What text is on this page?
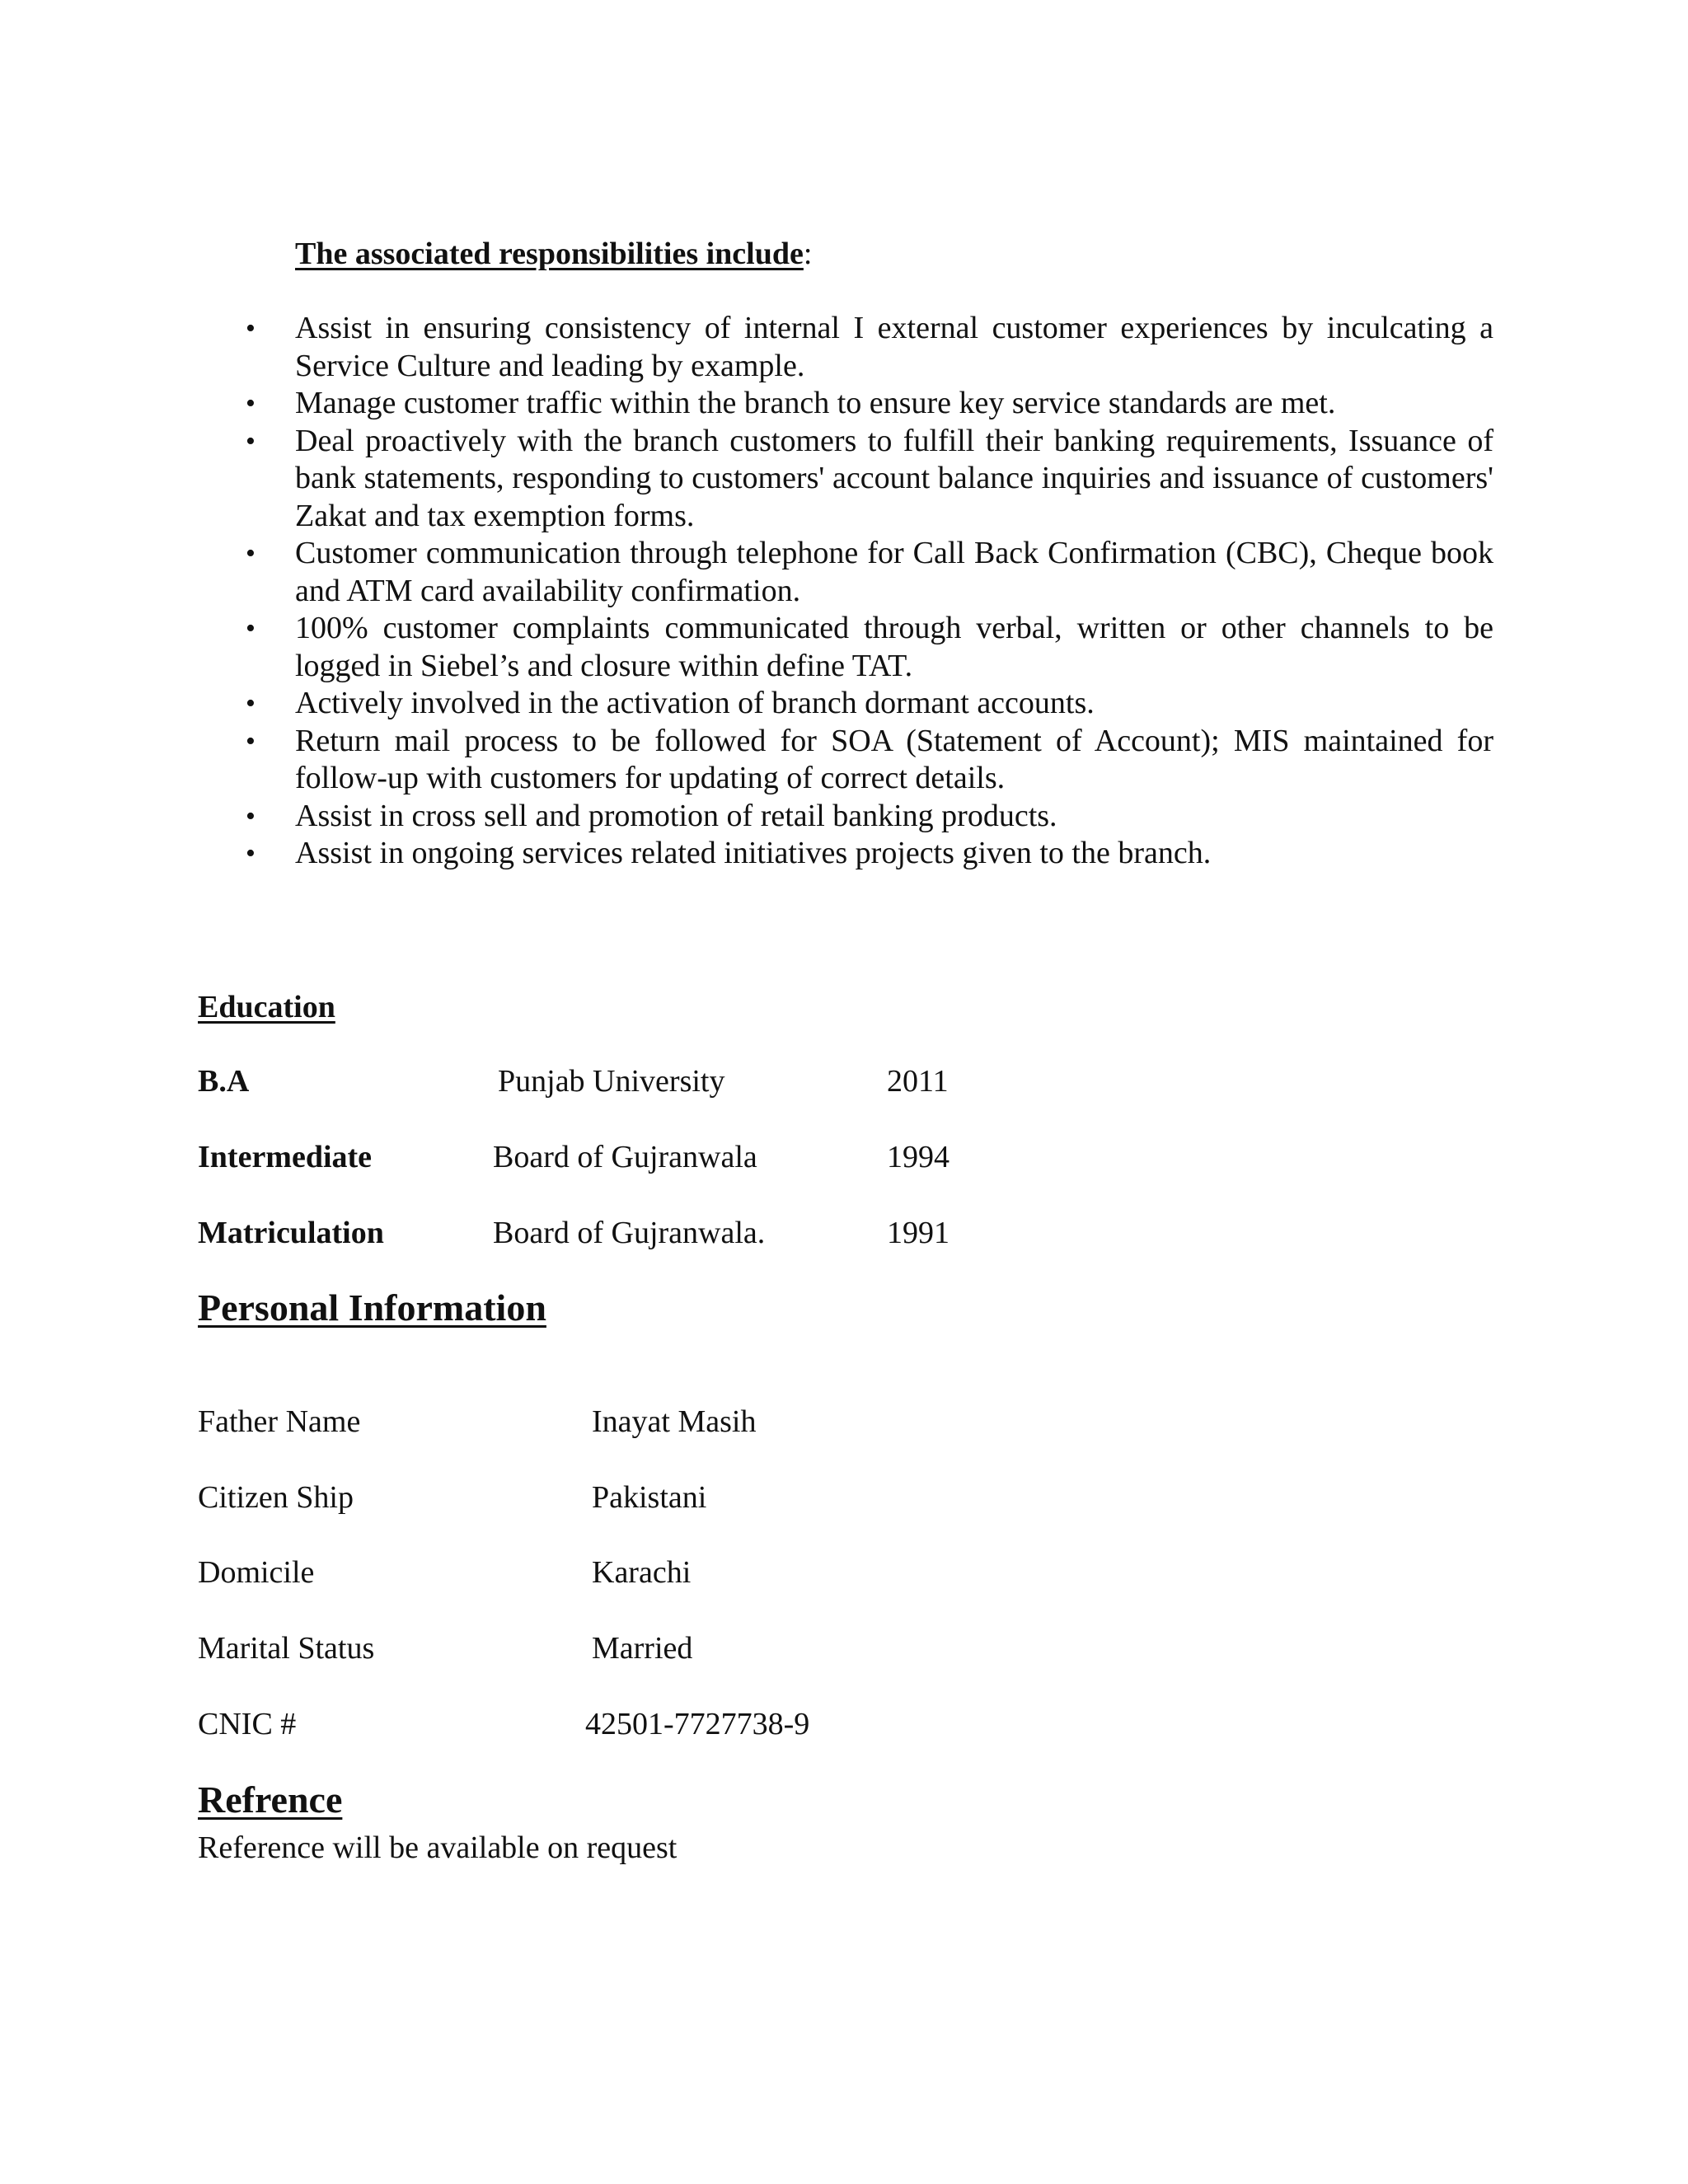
The associated responsibilities include:
• Assist in ensuring consistency of internal I external customer experiences by inculcating a Service Culture and leading by example.
• Manage customer traffic within the branch to ensure key service standards are met.
• Deal proactively with the branch customers to fulfill their banking requirements, Issuance of bank statements, responding to customers' account balance inquiries and issuance of customers' Zakat and tax exemption forms.
• Customer communication through telephone for Call Back Confirmation (CBC), Cheque book and ATM card availability confirmation.
• 100% customer complaints communicated through verbal, written or other channels to be logged in Siebel’s and closure within define TAT.
• Actively involved in the activation of branch dormant accounts.
• Return mail process to be followed for SOA (Statement of Account); MIS maintained for follow-up with customers for updating of correct details.
• Assist in cross sell and promotion of retail banking products.
• Assist in ongoing services related initiatives projects given to the branch.
Education
B.A	Punjab University	2011
Intermediate	Board of Gujranwala	1994
Matriculation	Board of Gujranwala.	1991
Personal Information
Father Name	Inayat Masih
Citizen Ship	Pakistani
Domicile	Karachi
Marital Status	Married
CNIC #	42501-7727738-9
Refrence
Reference will be available on request
